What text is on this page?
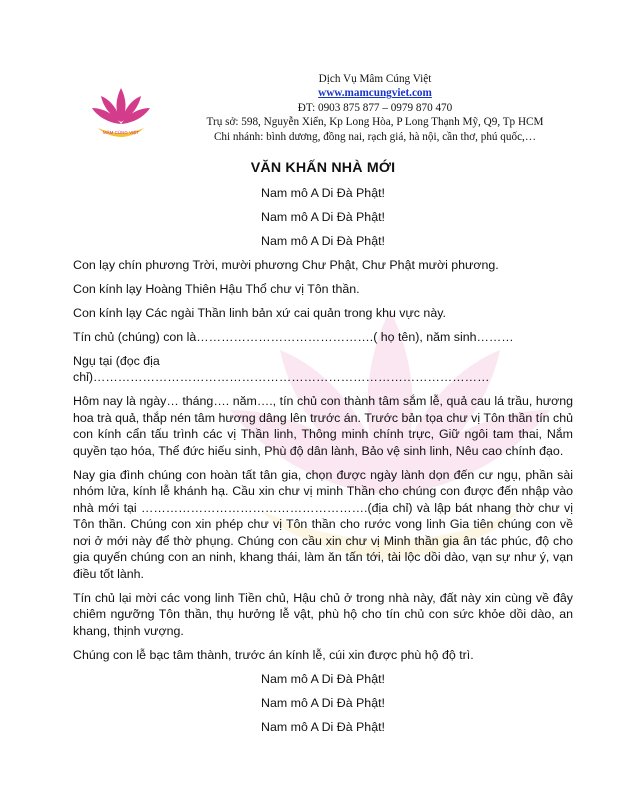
MÂM CÚNG VIỆT
Dịch Vụ Mâm Cúng Việt
www.mamcungviet.com
ĐT: 0903 875 877 – 0979 870 470
Trụ sở: 598, Nguyễn Xiển, Kp Long Hòa, P Long Thạnh Mỹ, Q9, Tp HCM
Chi nhánh: bình dương, đồng nai, rạch giá, hà nội, cần thơ, phú quốc,…
VĂN KHẤN NHÀ MỚI
Nam mô A Di Đà Phật!
Nam mô A Di Đà Phật!
Nam mô A Di Đà Phật!
Con lạy chín phương Trời, mười phương Chư Phật, Chư Phật mười phương.
Con kính lạy Hoàng Thiên Hậu Thổ chư vị Tôn thần.
Con kính lạy Các ngài Thần linh bản xứ cai quản trong khu vực này.
Tín chủ (chúng) con là…………………………………….( họ tên), năm sinh………
Ngụ tại (đọc địa chỉ)……………………………………………………………………………………
Hôm nay là ngày… tháng…. năm…., tín chủ con thành tâm sắm lễ, quả cau lá trầu, hương hoa trà quả, thắp nén tâm hương dâng lên trước án. Trước bản tọa chư vị Tôn thần tín chủ con kính cẩn tấu trình các vị Thần linh, Thông minh chính trực, Giữ ngôi tam thai, Nắm quyền tạo hóa, Thể đức hiếu sinh, Phù độ dân lành, Bảo vệ sinh linh, Nêu cao chính đạo.
Nay gia đình chúng con hoàn tất tân gia, chọn được ngày lành dọn đến cư ngụ, phần sài nhóm lửa, kính lễ khánh hạ. Cầu xin chư vị minh Thần cho chúng con được đến nhập vào nhà mới tại ……………………………………………….(địa chỉ) và lập bát nhang thờ chư vị Tôn thần. Chúng con xin phép chư vị Tôn thần cho rước vong linh Gia tiên chúng con về nơi ở mới này để thờ phụng. Chúng con cầu xin chư vị Minh thần gia ân tác phúc, độ cho gia quyến chúng con an ninh, khang thái, làm ăn tấn tới, tài lộc dồi dào, vạn sự như ý, vạn điều tốt lành.
Tín chủ lại mời các vong linh Tiền chủ, Hậu chủ ở trong nhà này, đất này xin cùng về đây chiêm ngưỡng Tôn thần, thụ hưởng lễ vật, phù hộ cho tín chủ con sức khỏe dồi dào, an khang, thịnh vượng.
Chúng con lễ bạc tâm thành, trước án kính lễ, cúi xin được phù hộ độ trì.
Nam mô A Di Đà Phật!
Nam mô A Di Đà Phật!
Nam mô A Di Đà Phật!
